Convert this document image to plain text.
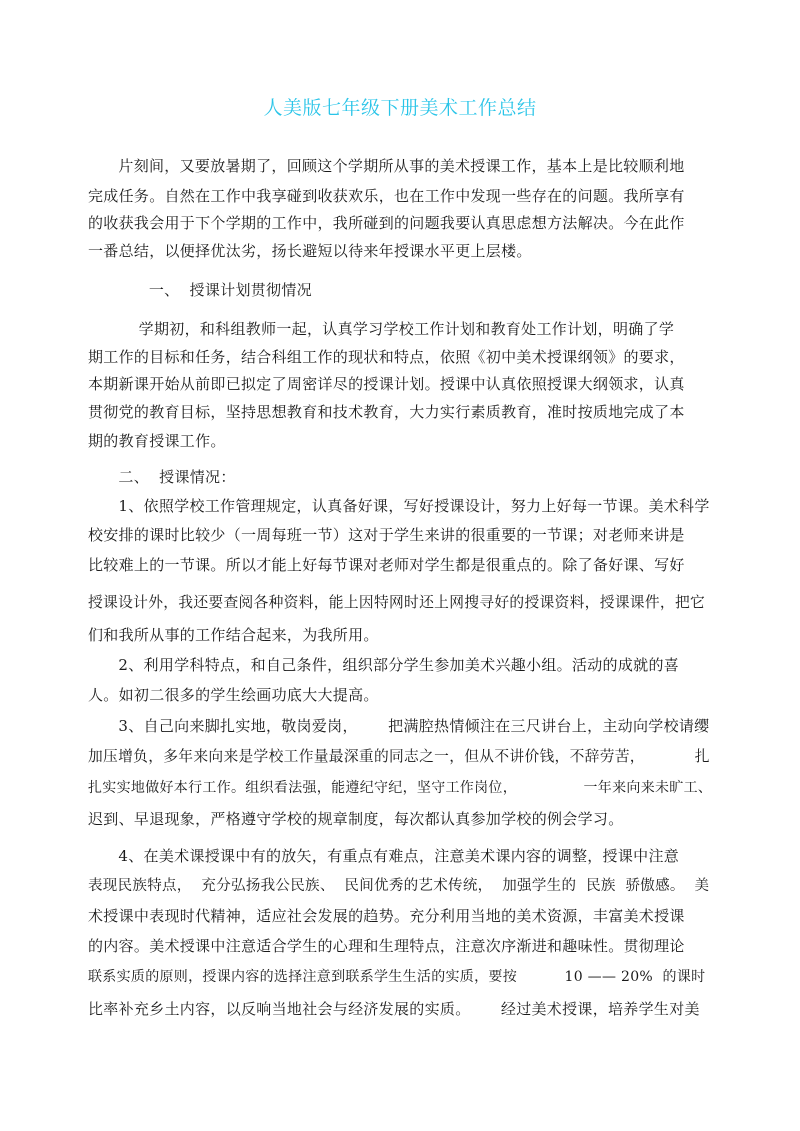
人美版七年级下册美术工作总结
片刻间，又要放暑期了，回顾这个学期所从事的美术授课工作，基本上是比较顺利地
完成任务。自然在工作中我享碰到收获欢乐，也在工作中发现一些存在的问题。我所享有
的收获我会用于下个学期的工作中，我所碰到的问题我要认真思虑想方法解决。今在此作
一番总结，以便择优汰劣，扬长避短以待来年授课水平更上层楼。
一、  授课计划贯彻情况
学期初，和科组教师一起，认真学习学校工作计划和教育处工作计划，明确了学
期工作的目标和任务，结合科组工作的现状和特点，依照《初中美术授课纲领》的要求，
本期新课开始从前即已拟定了周密详尽的授课计划。授课中认真依照授课大纲领求，认真
贯彻党的教育目标，坚持思想教育和技术教育，大力实行素质教育，准时按质地完成了本
期的教育授课工作。
二、  授课情况：
1、依照学校工作管理规定，认真备好课，写好授课设计，努力上好每一节课。美术科学
校安排的课时比较少（一周每班一节）这对于学生来讲的很重要的一节课；对老师来讲是
比较难上的一节课。所以才能上好每节课对老师对学生都是很重点的。除了备好课、写好
授课设计外，我还要查阅各种资料，能上因特网时还上网搜寻好的授课资料，授课课件，把它
们和我所从事的工作结合起来，为我所用。
2、利用学科特点，和自己条件，组织部分学生参加美术兴趣小组。活动的成就的喜
人。如初二很多的学生绘画功底大大提高。
3、自己向来脚扎实地，敬岗爱岗，      把满腔热情倾注在三尺讲台上，主动向学校请缨
加压增负，多年来向来是学校工作量最深重的同志之一，但从不讲价钱，不辞劳苦，          扎
扎实实地做好本行工作。组织看法强，能遵纪守纪，坚守工作岗位，              一年来向来未旷工、
迟到、早退现象，严格遵守学校的规章制度，每次都认真参加学校的例会学习。
4、在美术课授课中有的放矢，有重点有难点，注意美术课内容的调整，授课中注意
表现民族特点，  充分弘扬我公民族、  民间优秀的艺术传统，  加强学生的  民族  骄傲感。  美
术授课中表现时代精神，适应社会发展的趋势。充分利用当地的美术资源，丰富美术授课
的内容。美术授课中注意适合学生的心理和生理特点，注意次序渐进和趣味性。贯彻理论
联系实质的原则，授课内容的选择注意到联系学生生活的实质，要按          10 —— 20%  的课时
比率补充乡土内容，以反响当地社会与经济发展的实质。      经过美术授课，培养学生对美
